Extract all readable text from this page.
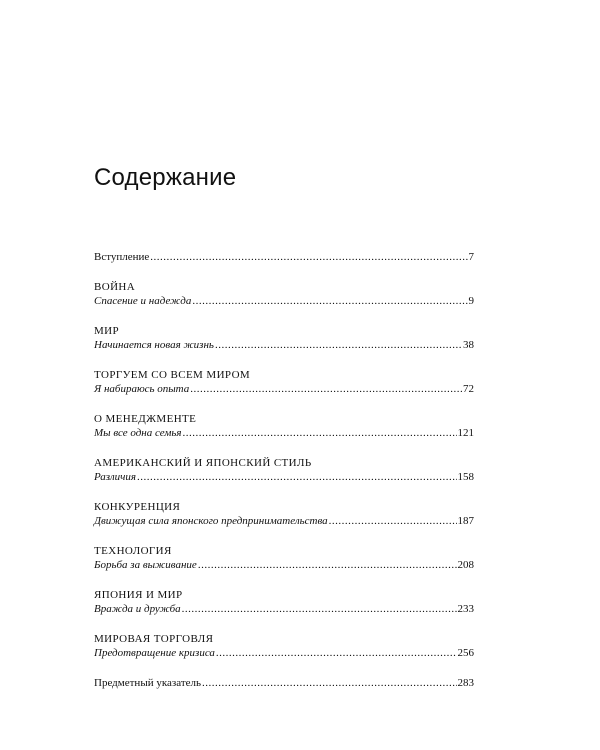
Содержание
Вступление .....	7
ВОЙНА
Спасение и надежда .....	9
МИР
Начинается новая жизнь .....	38
ТОРГУЕМ СО ВСЕМ МИРОМ
Я набираюсь опыта .....	72
О МЕНЕДЖМЕНТЕ
Мы все одна семья .....	121
АМЕРИКАНСКИЙ И ЯПОНСКИЙ СТИЛЬ
Различия .....	158
КОНКУРЕНЦИЯ
Движущая сила японского предпринимательства .....	187
ТЕХНОЛОГИЯ
Борьба за выживание .....	208
ЯПОНИЯ И МИР
Вражда и дружба .....	233
МИРОВАЯ ТОРГОВЛЯ
Предотвращение кризиса .....	256
Предметный указатель .....	283
